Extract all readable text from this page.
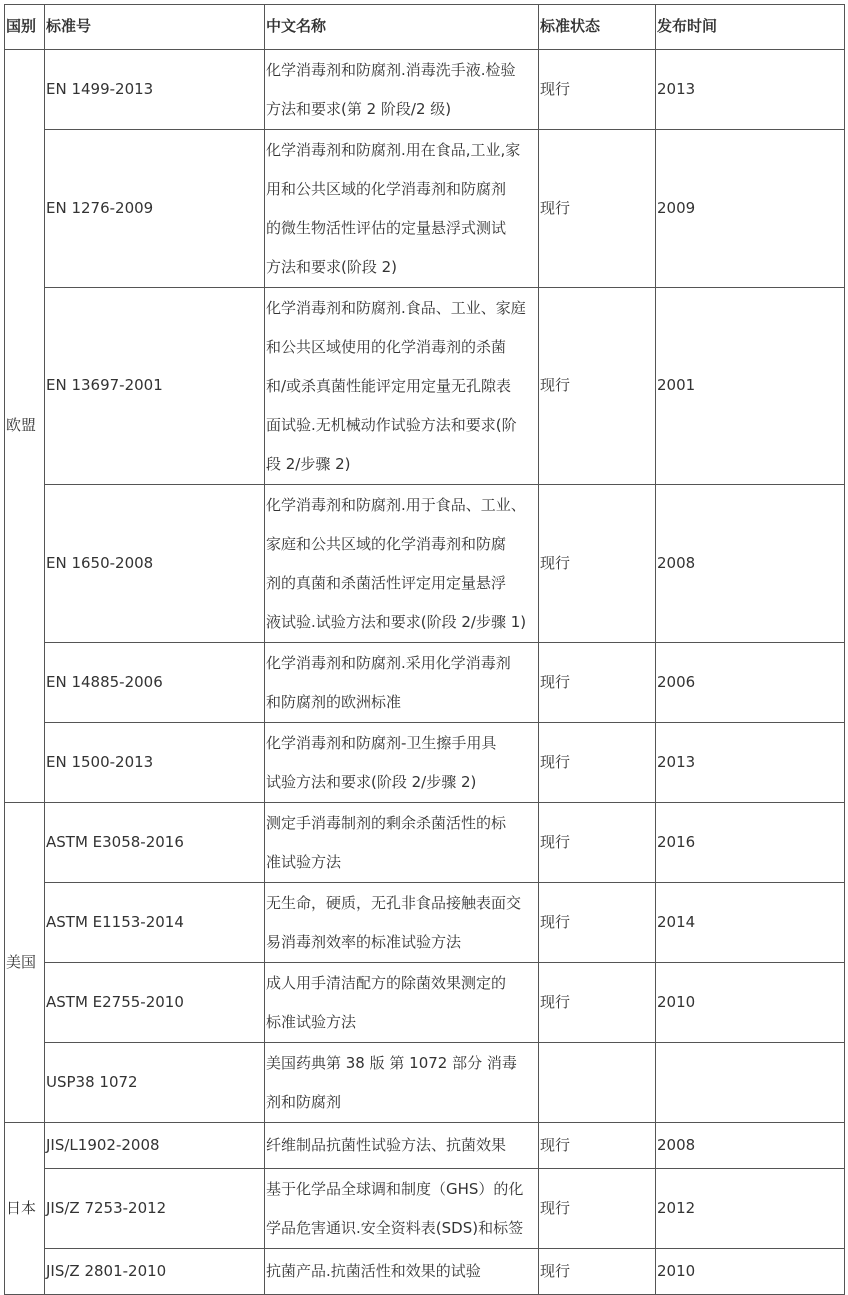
国别	标准号	中文名称	标准状态	发布时间
欧盟	EN 1499-2013	化学消毒剂和防腐剂.消毒洗手液.检验
方法和要求(第 2 阶段/2 级)	现行	2013
	EN 1276-2009	化学消毒剂和防腐剂.用在食品,工业,家
用和公共区域的化学消毒剂和防腐剂
的微生物活性评估的定量悬浮式测试
方法和要求(阶段 2)	现行	2009
	EN 13697-2001	化学消毒剂和防腐剂.食品、工业、家庭
和公共区域使用的化学消毒剂的杀菌
和/或杀真菌性能评定用定量无孔隙表
面试验.无机械动作试验方法和要求(阶
段 2/步骤 2)	现行	2001
	EN 1650-2008	化学消毒剂和防腐剂.用于食品、工业、
家庭和公共区域的化学消毒剂和防腐
剂的真菌和杀菌活性评定用定量悬浮
液试验.试验方法和要求(阶段 2/步骤 1)	现行	2008
	EN 14885-2006	化学消毒剂和防腐剂.采用化学消毒剂
和防腐剂的欧洲标准	现行	2006
	EN 1500-2013	化学消毒剂和防腐剂-卫生擦手用具
试验方法和要求(阶段 2/步骤 2)	现行	2013
美国	ASTM E3058-2016	测定手消毒制剂的剩余杀菌活性的标
准试验方法	现行	2016
	ASTM E1153-2014	无生命，硬质，无孔非食品接触表面交
易消毒剂效率的标准试验方法	现行	2014
	ASTM E2755-2010	成人用手清洁配方的除菌效果测定的
标准试验方法	现行	2010
	USP38 1072	美国药典第 38 版 第 1072 部分 消毒
剂和防腐剂		

日本	JIS/L1902-2008	纤维制品抗菌性试验方法、抗菌效果	现行	2008
	JIS/Z 7253-2012	基于化学品全球调和制度（GHS）的化
学品危害通识.安全资料表(SDS)和标签	现行	2012
	JIS/Z 2801-2010	抗菌产品.抗菌活性和效果的试验	现行	2010
